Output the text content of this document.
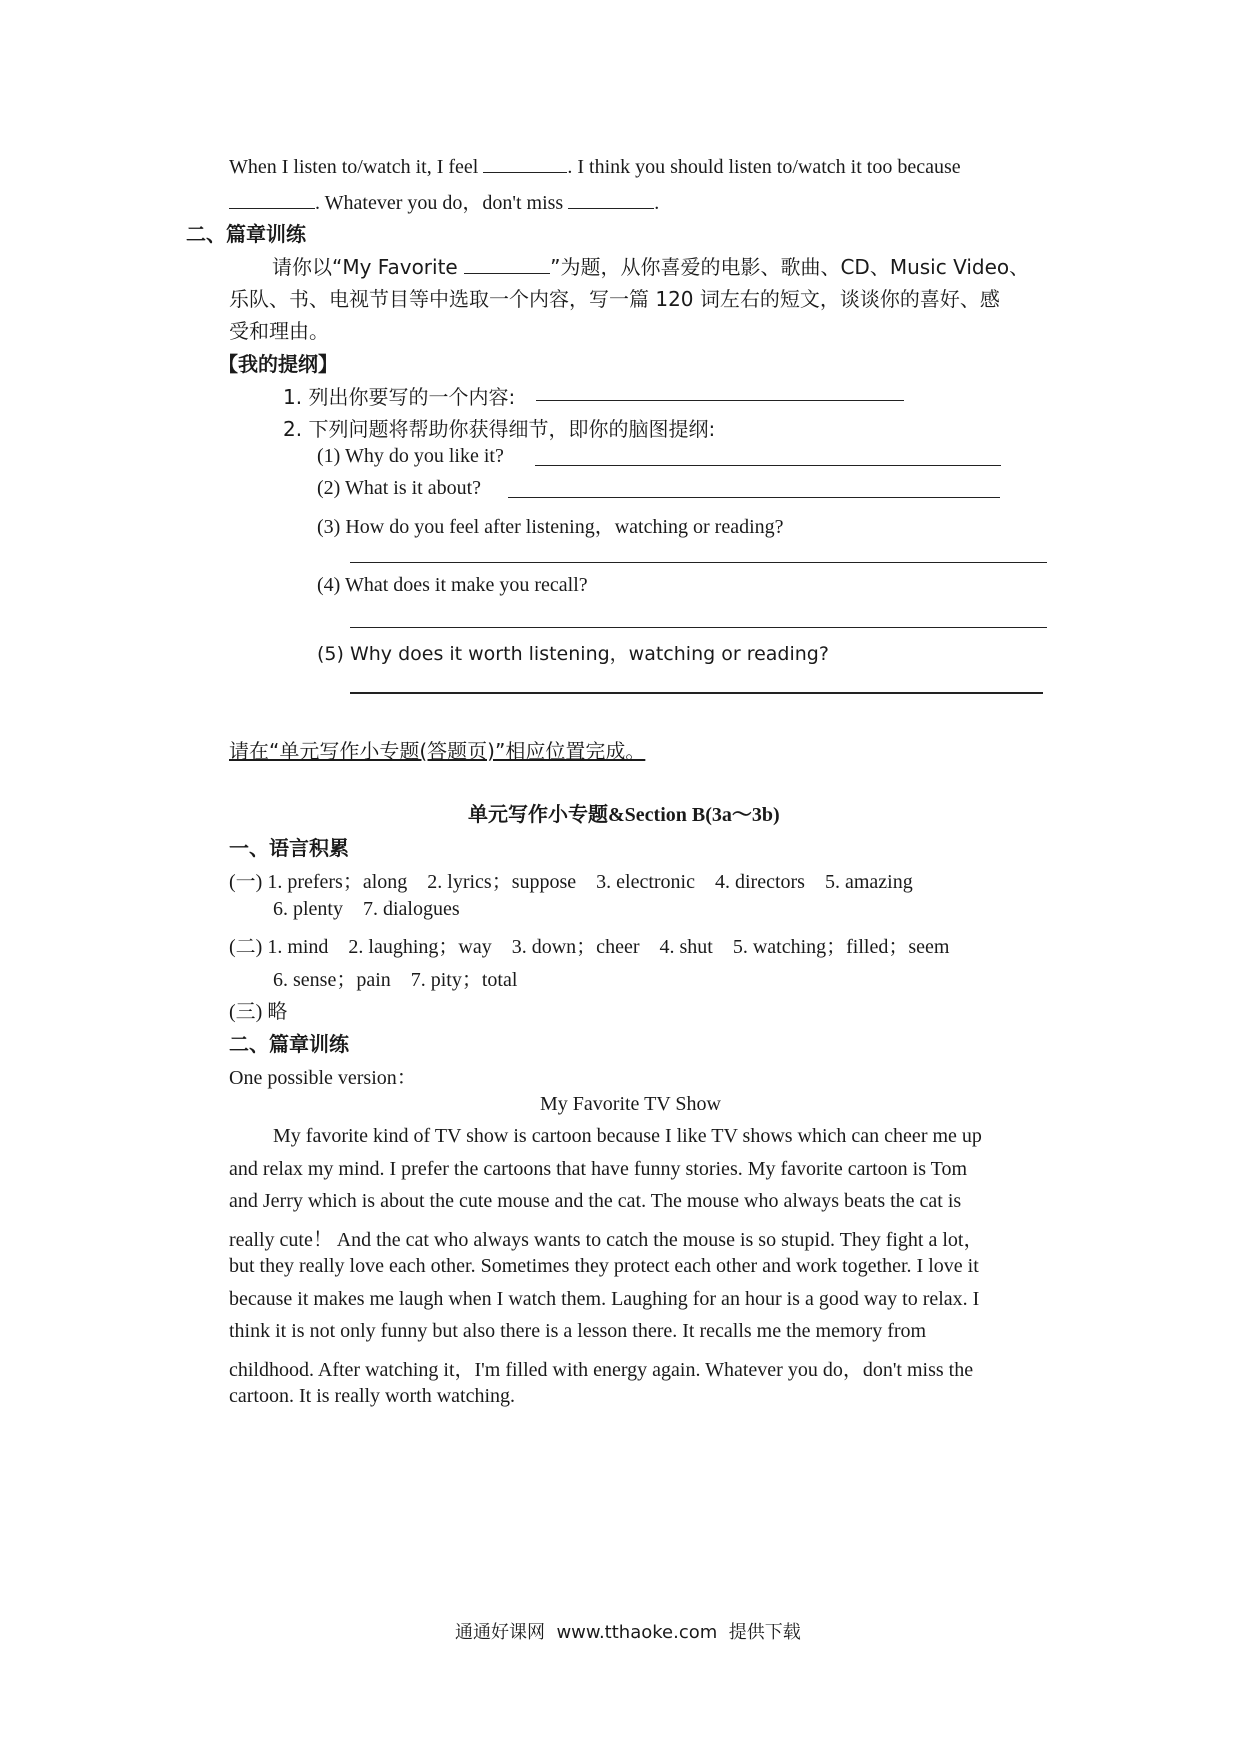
When I listen to/watch it, I feel	. I think you should listen to/watch it too because
. Whatever you do，don't miss	.
二、篇章训练
请你以“My Favorite	”为题，从你喜爱的电影、歌曲、CD、Music Video、
乐队、书、电视节目等中选取一个内容，写一篇 120 词左右的短文，谈谈你的喜好、感
受和理由。
【我的提纲】
1. 列出你要写的一个内容:
2. 下列问题将帮助你获得细节，即你的脑图提纲:
(1) Why do you like it?
(2) What is it about?
(3) How do you feel after listening，watching or reading?
(4) What does it make you recall?
(5) Why does it worth listening，watching or reading?
请在“单元写作小专题(答题页)”相应位置完成。
单元写作小专题&Section B(3a～3b)
一、语言积累
(一) 1. prefers；along    2. lyrics；suppose    3. electronic    4. directors    5. amazing
6. plenty    7. dialogues
(二) 1. mind    2. laughing；way    3. down；cheer    4. shut    5. watching；filled；seem
6. sense；pain    7. pity；total
(三) 略
二、篇章训练
One possible version：
My Favorite TV Show
My favorite kind of TV show is cartoon because I like TV shows which can cheer me up
and relax my mind. I prefer the cartoons that have funny stories. My favorite cartoon is Tom
and Jerry which is about the cute mouse and the cat. The mouse who always beats the cat is
really cute！ And the cat who always wants to catch the mouse is so stupid. They fight a lot，
but they really love each other. Sometimes they protect each other and work together. I love it
because it makes me laugh when I watch them. Laughing for an hour is a good way to relax. I
think it is not only funny but also there is a lesson there. It recalls me the memory from
childhood. After watching it，I'm filled with energy again. Whatever you do，don't miss the
cartoon. It is really worth watching.
通通好课网  www.tthaoke.com  提供下载
